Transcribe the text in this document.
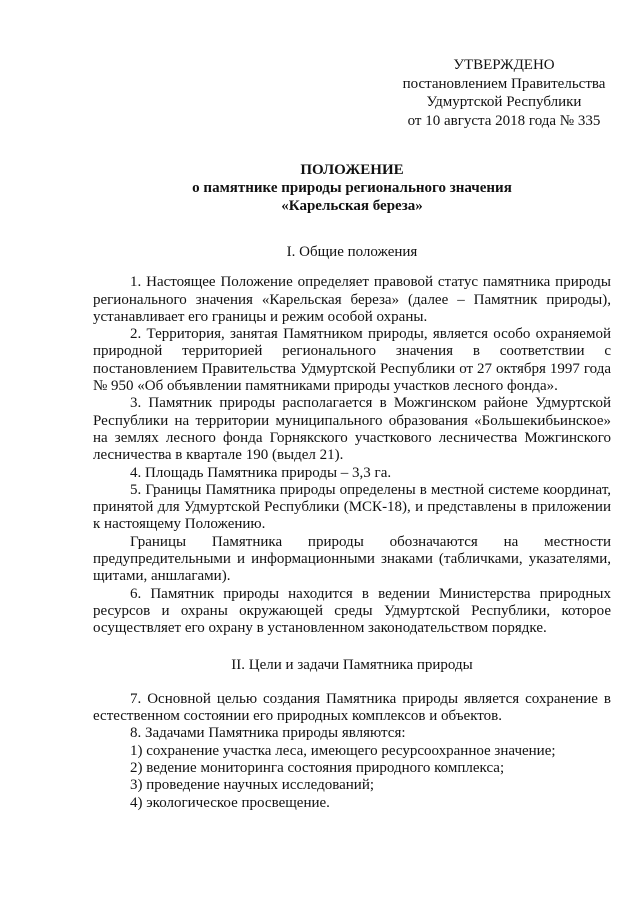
УТВЕРЖДЕНО
постановлением Правительства
Удмуртской Республики
от 10 августа 2018 года № 335
ПОЛОЖЕНИЕ
о памятнике природы регионального значения
«Карельская береза»
I. Общие положения

1. Настоящее Положение определяет правовой статус памятника природы регионального значения «Карельская береза» (далее – Памятник природы), устанавливает его границы и режим особой охраны.

2. Территория, занятая Памятником природы, является особо охраняемой природной территорией регионального значения в соответствии с постановлением Правительства Удмуртской Республики от 27 октября 1997 года № 950 «Об объявлении памятниками природы участков лесного фонда».

3. Памятник природы располагается в Можгинском районе Удмуртской Республики на территории муниципального образования «Большекибьинское» на землях лесного фонда Горнякского участкового лесничества Можгинского лесничества в квартале 190 (выдел 21).

4. Площадь Памятника природы – 3,3 га.

5. Границы Памятника природы определены в местной системе координат, принятой для Удмуртской Республики (МСК-18), и представлены в приложении к настоящему Положению.

Границы Памятника природы обозначаются на местности предупредительными и информационными знаками (табличками, указателями, щитами, аншлагами).

6. Памятник природы находится в ведении Министерства природных ресурсов и охраны окружающей среды Удмуртской Республики, которое осуществляет его охрану в установленном законодательством порядке.

II. Цели и задачи Памятника природы

7. Основной целью создания Памятника природы является сохранение в естественном состоянии его природных комплексов и объектов.

8. Задачами Памятника природы являются:

1) сохранение участка леса, имеющего ресурсоохранное значение;

2) ведение мониторинга состояния природного комплекса;

3) проведение научных исследований;

4) экологическое просвещение.
